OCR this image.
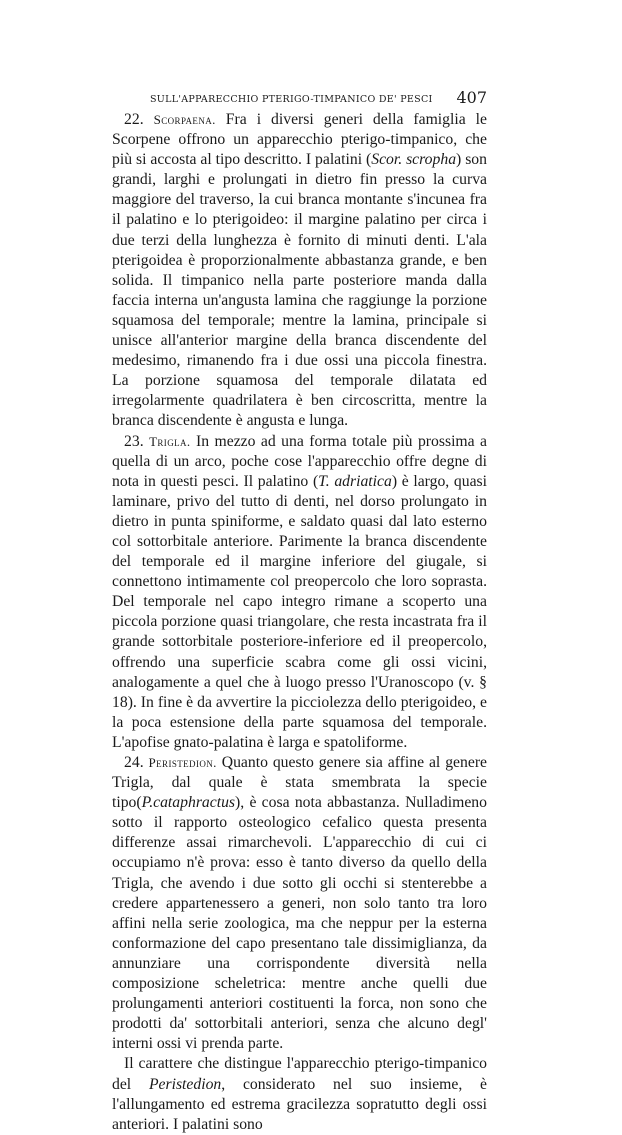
SULL'APPARECCHIO PTERIGO-TIMPANICO DE' PESCI 407

22. Scorpaena. Fra i diversi generi della famiglia le Scorpene offrono un apparecchio pterigo-timpanico, che più si accosta al tipo descritto. I palatini (Scor. scropha) son grandi, larghi e prolungati in dietro fin presso la curva maggiore del traverso, la cui branca montante s'incunea fra il palatino e lo pterigoideo: il margine palatino per circa i due terzi della lunghezza è fornito di minuti denti. L'ala pterigoidea è proporzionalmente abbastanza grande, e ben solida. Il timpanico nella parte posteriore manda dalla faccia interna un'angusta lamina che raggiunge la porzione squamosa del temporale; mentre la lamina, principale si unisce all'anterior margine della branca discendente del medesimo, rimanendo fra i due ossi una piccola finestra. La porzione squamosa del temporale dilatata ed irregolarmente quadrilatera è ben circoscritta, mentre la branca discendente è angusta e lunga.

23. Trigla. In mezzo ad una forma totale più prossima a quella di un arco, poche cose l'apparecchio offre degne di nota in questi pesci. Il palatino (T. adriatica) è largo, quasi laminare, privo del tutto di denti, nel dorso prolungato in dietro in punta spiniforme, e saldato quasi dal lato esterno col sottorbitale anteriore. Parimente la branca discendente del temporale ed il margine inferiore del giugale, si connettono intimamente col preopercolo che loro soprasta. Del temporale nel capo integro rimane a scoperto una piccola porzione quasi triangolare, che resta incastrata fra il grande sottorbitale posteriore-inferiore ed il preopercolo, offrendo una superficie scabra come gli ossi vicini, analogamente a quel che à luogo presso l'Uranoscopo (v. § 18). In fine è da avvertire la picciolezza dello pterigoideo, e la poca estensione della parte squamosa del temporale. L'apofise gnato-palatina è larga e spatoliforme.

24. Peristedion. Quanto questo genere sia affine al genere Trigla, dal quale è stata smembrata la specie tipo(P.cataphractus), è cosa nota abbastanza. Nulladimeno sotto il rapporto osteologico cefalico questa presenta differenze assai rimarchevoli. L'apparecchio di cui ci occupiamo n'è prova: esso è tanto diverso da quello della Trigla, che avendo i due sotto gli occhi si stenterebbe a credere appartenessero a generi, non solo tanto tra loro affini nella serie zoologica, ma che neppur per la esterna conformazione del capo presentano tale dissimiglianza, da annunziare una corrispondente diversità nella composizione scheletrica: mentre anche quelli due prolungamenti anteriori costituenti la forca, non sono che prodotti da' sottorbitali anteriori, senza che alcuno degl' interni ossi vi prenda parte.

Il carattere che distingue l'apparecchio pterigo-timpanico del Peristedion, considerato nel suo insieme, è l'allungamento ed estrema gracilezza sopratutto degli ossi anteriori. I palatini sono
